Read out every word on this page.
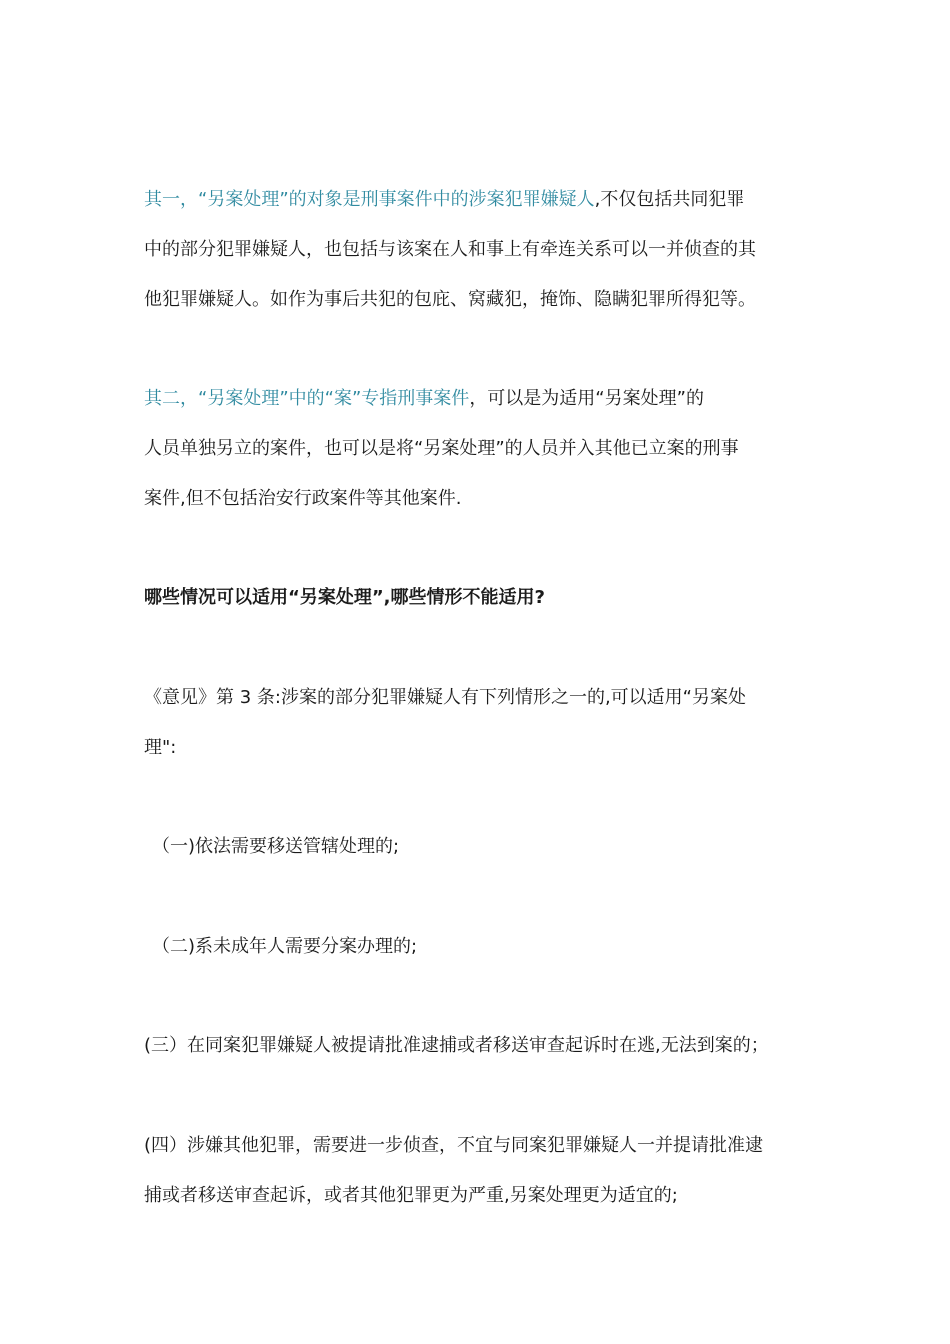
其一，“另案处理”的对象是刑事案件中的涉案犯罪嫌疑人,不仅包括共同犯罪
中的部分犯罪嫌疑人，也包括与该案在人和事上有牵连关系可以一并侦查的其
他犯罪嫌疑人。如作为事后共犯的包庇、窝藏犯，掩饰、隐瞒犯罪所得犯等。
其二，“另案处理”中的“案”专指刑事案件，可以是为适用“另案处理”的
人员单独另立的案件，也可以是将“另案处理”的人员并入其他已立案的刑事
案件,但不包括治安行政案件等其他案件.
哪些情况可以适用“另案处理”,哪些情形不能适用?
《意见》第 3 条:涉案的部分犯罪嫌疑人有下列情形之一的,可以适用“另案处
理":
（一)依法需要移送管辖处理的;
（二)系未成年人需要分案办理的;
(三）在同案犯罪嫌疑人被提请批准逮捕或者移送审查起诉时在逃,无法到案的；
(四）涉嫌其他犯罪，需要进一步侦查，不宜与同案犯罪嫌疑人一并提请批准逮
捕或者移送审查起诉，或者其他犯罪更为严重,另案处理更为适宜的;
